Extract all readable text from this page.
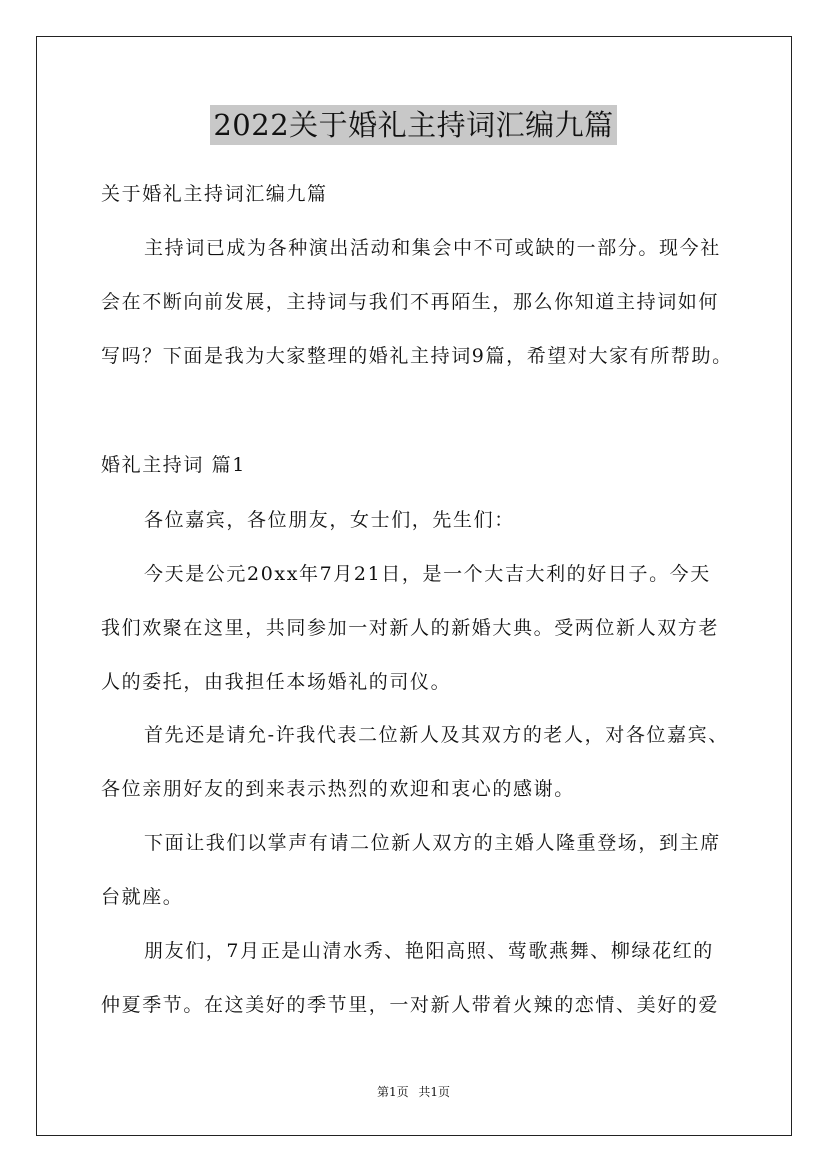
2022关于婚礼主持词汇编九篇
关于婚礼主持词汇编九篇
主持词已成为各种演出活动和集会中不可或缺的一部分。现今社
会在不断向前发展，主持词与我们不再陌生，那么你知道主持词如何
写吗？下面是我为大家整理的婚礼主持词9篇，希望对大家有所帮助。
婚礼主持词 篇1
各位嘉宾，各位朋友，女士们，先生们：
今天是公元20xx年7月21日，是一个大吉大利的好日子。今天
我们欢聚在这里，共同参加一对新人的新婚大典。受两位新人双方老
人的委托，由我担任本场婚礼的司仪。
首先还是请允-许我代表二位新人及其双方的老人，对各位嘉宾、
各位亲朋好友的到来表示热烈的欢迎和衷心的感谢。
下面让我们以掌声有请二位新人双方的主婚人隆重登场，到主席
台就座。
朋友们，7月正是山清水秀、艳阳高照、莺歌燕舞、柳绿花红的
仲夏季节。在这美好的季节里，一对新人带着火辣的恋情、美好的爱
第1页 共1页
